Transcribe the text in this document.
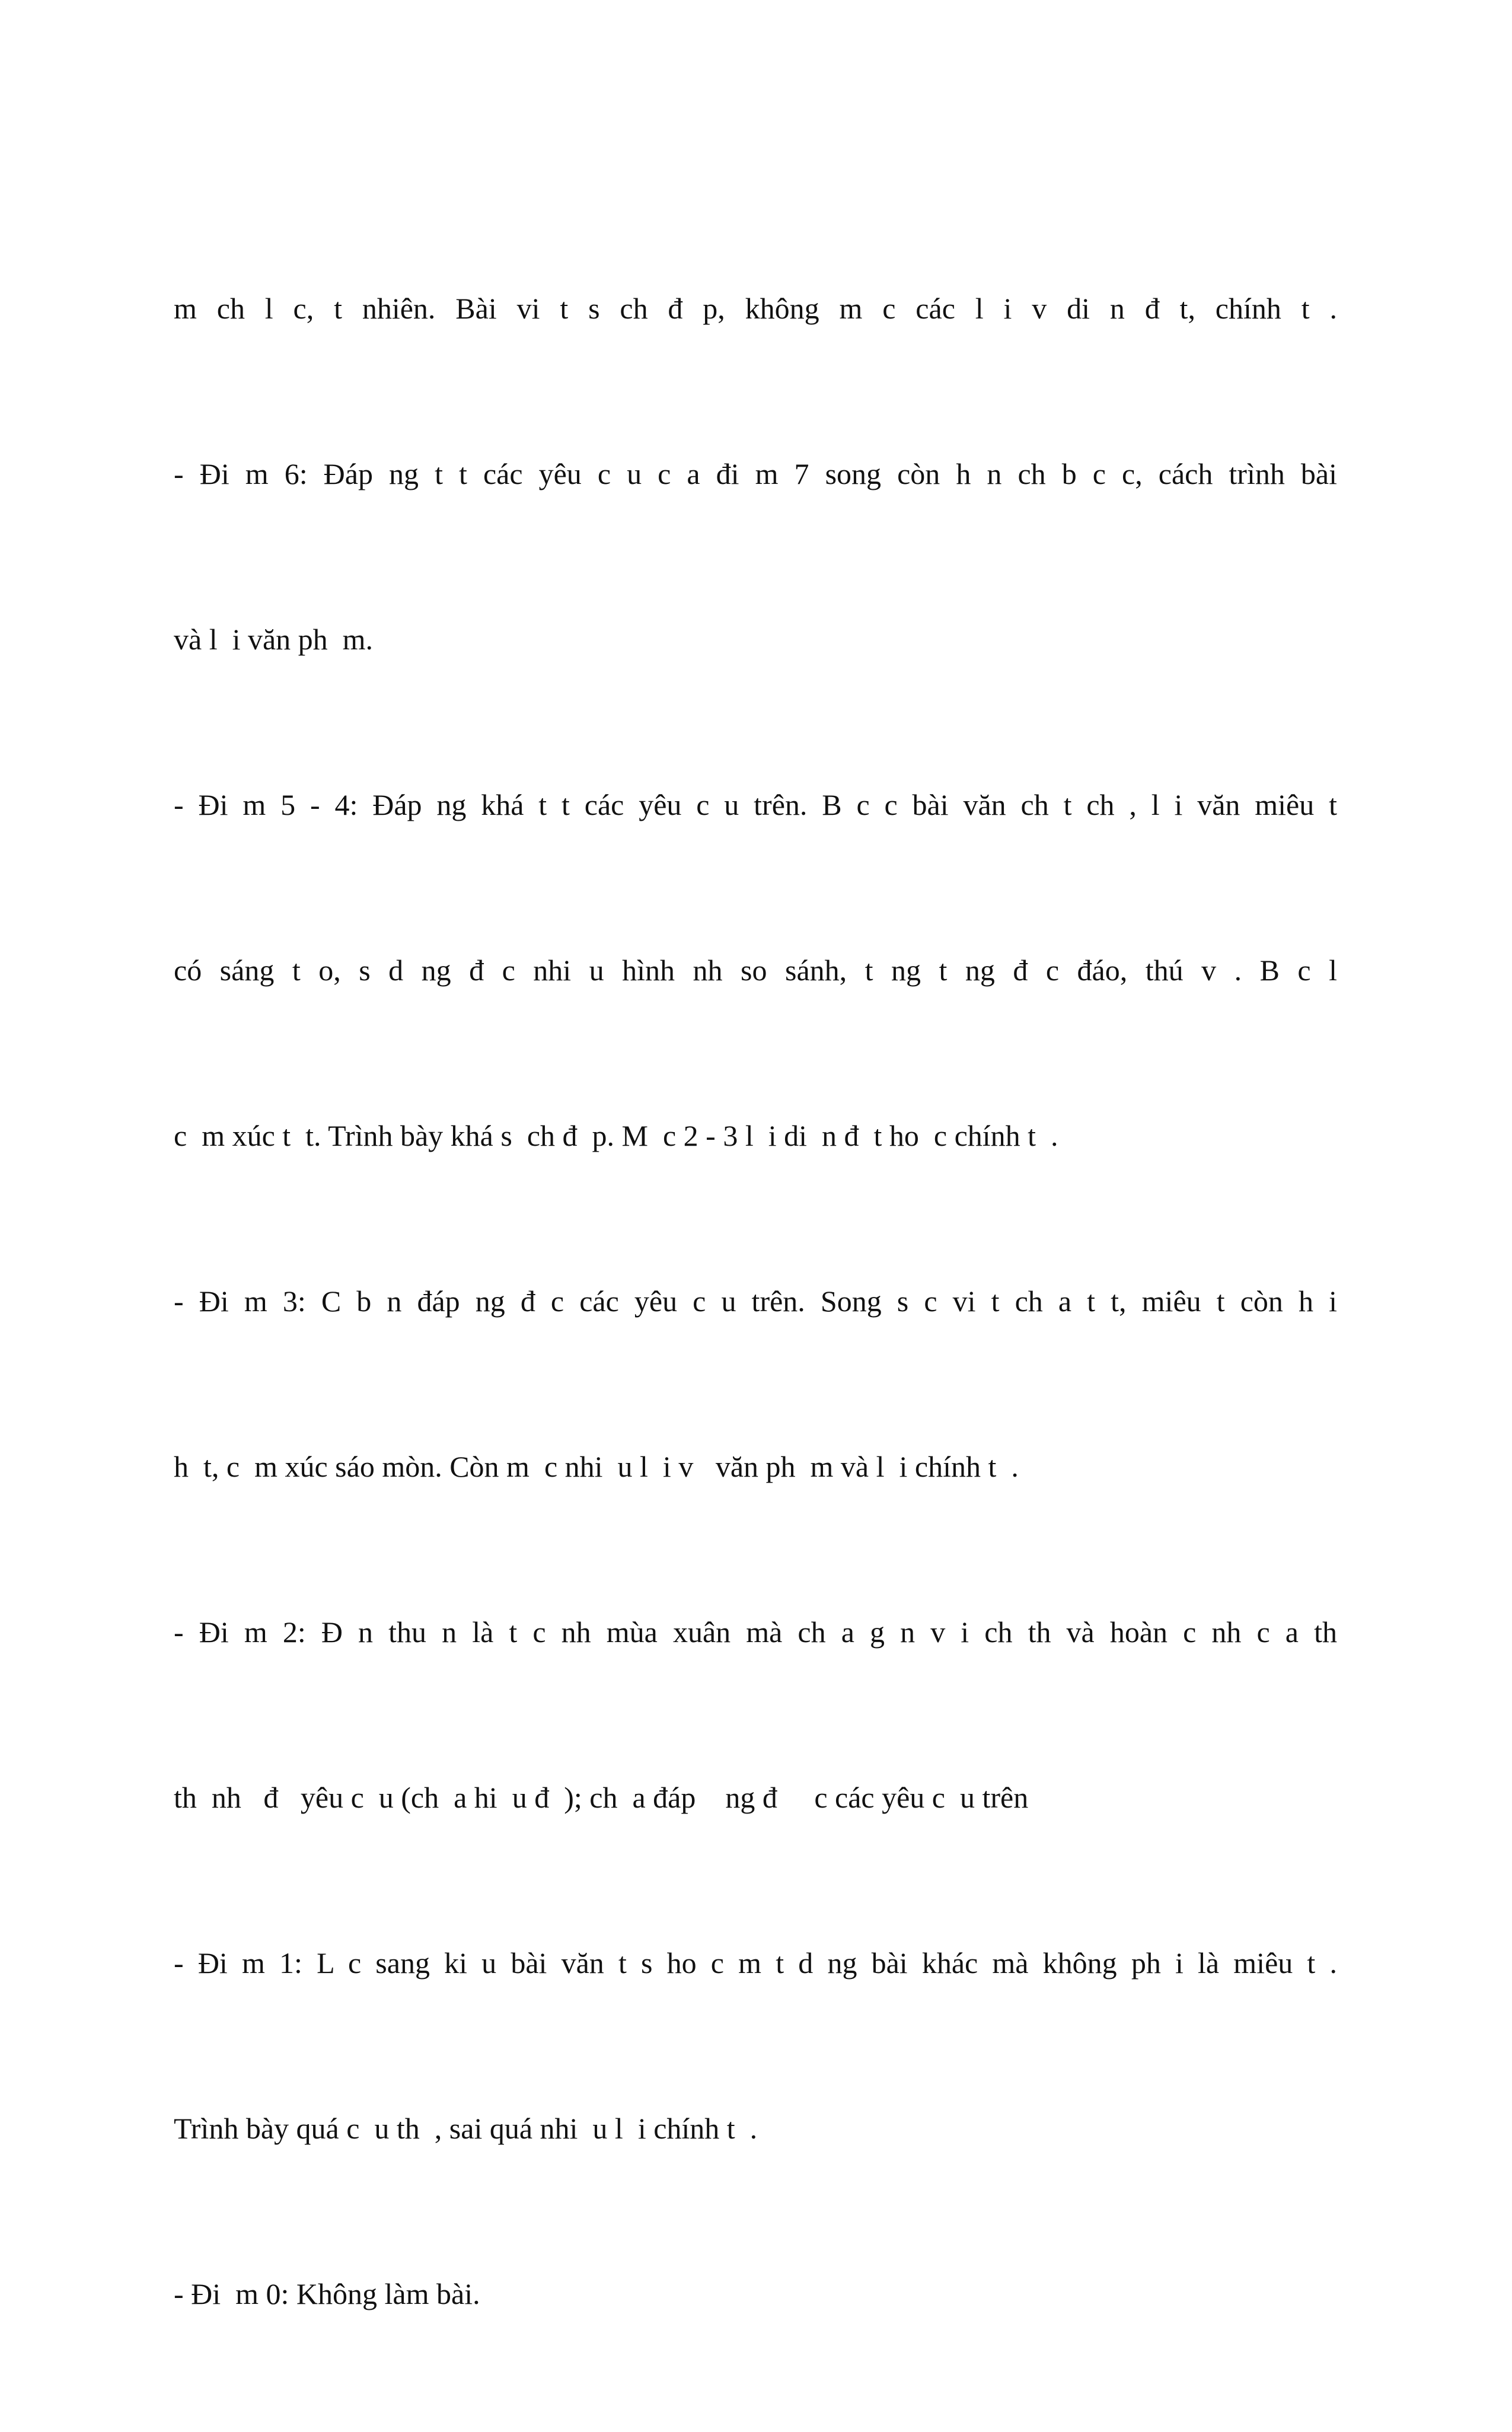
m ch l c, t nhiên. Bài vi t s ch đ p, không m c các l i v di n đ t, chính t .

- Đi m 6: Đáp ng t t các yêu c u c a đi m 7 song còn h n ch b c c, cách trình bài

và l  i văn ph  m.

- Đi m 5 - 4: Đáp ng khá t t các yêu c u trên. B c c bài văn ch t ch , l i văn miêu t

có sáng t o, s d ng đ c nhi u hình nh so sánh, t ng t ng đ c đáo, thú v . B c l

c  m xúc t  t. Trình bày khá s  ch đ  p. M  c 2 - 3 l  i di  n đ  t ho  c chính t  .

- Đi m 3: C b n đáp ng đ c các yêu c u trên. Song s c vi t ch a t t, miêu t còn h i

h  t, c  m xúc sáo mòn. Còn m  c nhi  u l  i v   văn ph  m và l  i chính t  .

- Đi m 2: Đ n thu n là t c nh mùa xuân mà ch a g n v i ch th và hoàn c nh c a th

th  nh   đ   yêu c  u (ch  a hi  u đ  ); ch  a đáp    ng đ     c các yêu c  u trên

- Đi m 1: L c sang ki u bài văn t s ho c m t d ng bài khác mà không ph i là miêu t .

Trình bày quá c  u th  , sai quá nhi  u l  i chính t  .

- Đi  m 0: Không làm bài.
